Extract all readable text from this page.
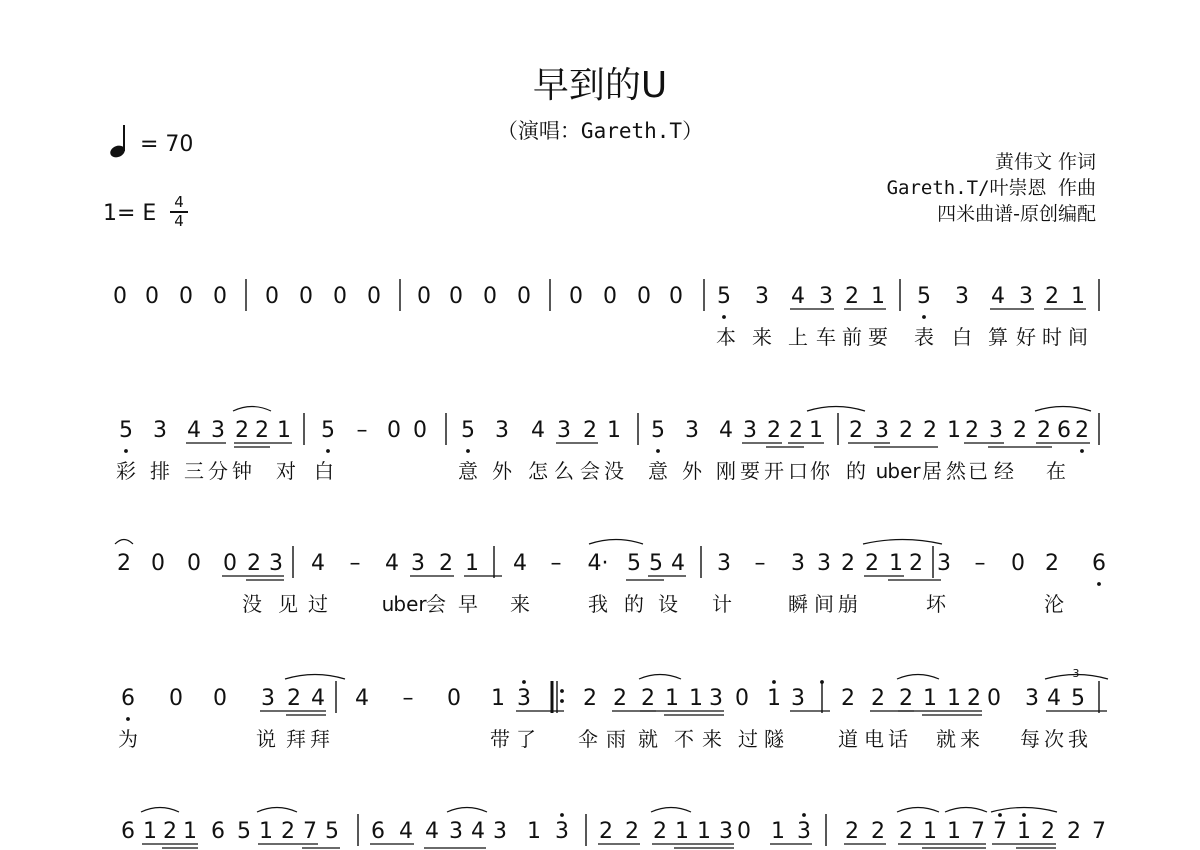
早到的U
（演唱：Gareth.T）
黄伟文 作词
Gareth.T/叶崇恩 作曲
四米曲谱-原创编配
= 70
1= E 4
4
0 0 0 0 0 0 0 0 0 0 0 0 0 0 0 0 5 3 4 3 2 1 5 3 4 3 2 1
本 来 上 车 前 要 表 白 算 好 时 间
5 3 4 3 2 2 1 5 – 0 0 5 3 4 3 2 1 5 3 4 3 2 2 1 2 3 2 2 1 2 3 2 2 6 2
彩 排 三 分 钟 对 白	意 外 怎 么 会 没 意 外 刚 要 开 口 你 的 u ber 居 然 已 经 在
2 0 0 0 2 3 4 – 4 3 2 1 4 – 4· 5 5 4 3 – 3 3 2 2 1 2 3 – 0 2 6
没 见 过	u ber 会 早 来	我 的 设 计	瞬 间 崩	坏	沦
6 0 0 3 2 4 4 – 0 1 3 2 2 2 1 1 3 0 1 3 2 2 2 1 1 2 0 3 4 5
为	说 拜 拜	带 了 伞 雨 就 不 来 过 隧	道 电 话 就 来 每 次 我
3
6 1 2 1 6 5 1 2 7 5 6 4 4 3 4 3 1 3 2 2 2 1 1 3 0 1 3 2 2 2 1 1 7 7 1 2 2 7
